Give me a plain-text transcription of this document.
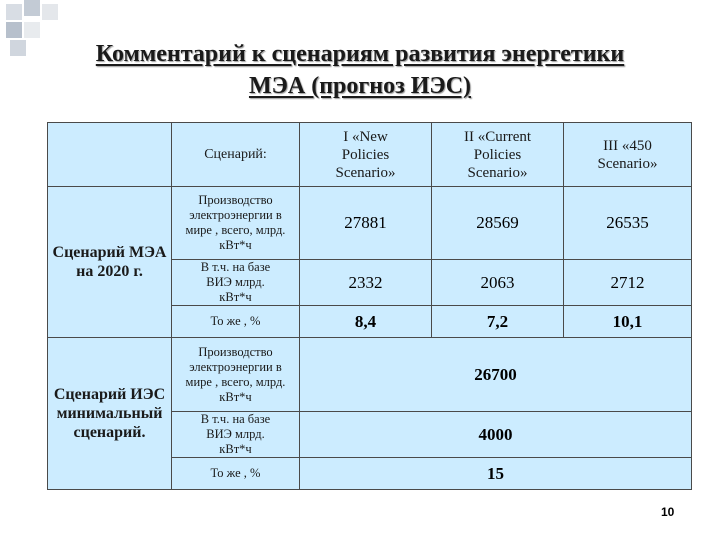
Комментарий к сценариям развития энергетики
МЭА (прогноз ИЭС)
	Сценарий:	I «New Policies Scenario»	II «Current Policies Scenario»	III «450 Scenario»
Сценарий МЭА на 2020 г.	Производство электроэнергии в мире , всего, млрд. кВт*ч	27881	28569	26535
	В т.ч. на базе ВИЭ млрд. кВт*ч	2332	2063	2712
	То же , %	8,4	7,2	10,1
Сценарий ИЭС минимальный сценарий.	Производство электроэнергии в мире , всего, млрд. кВт*ч	26700		
	В т.ч. на базе ВИЭ млрд. кВт*ч	4000		
	То же , %	15		
10
